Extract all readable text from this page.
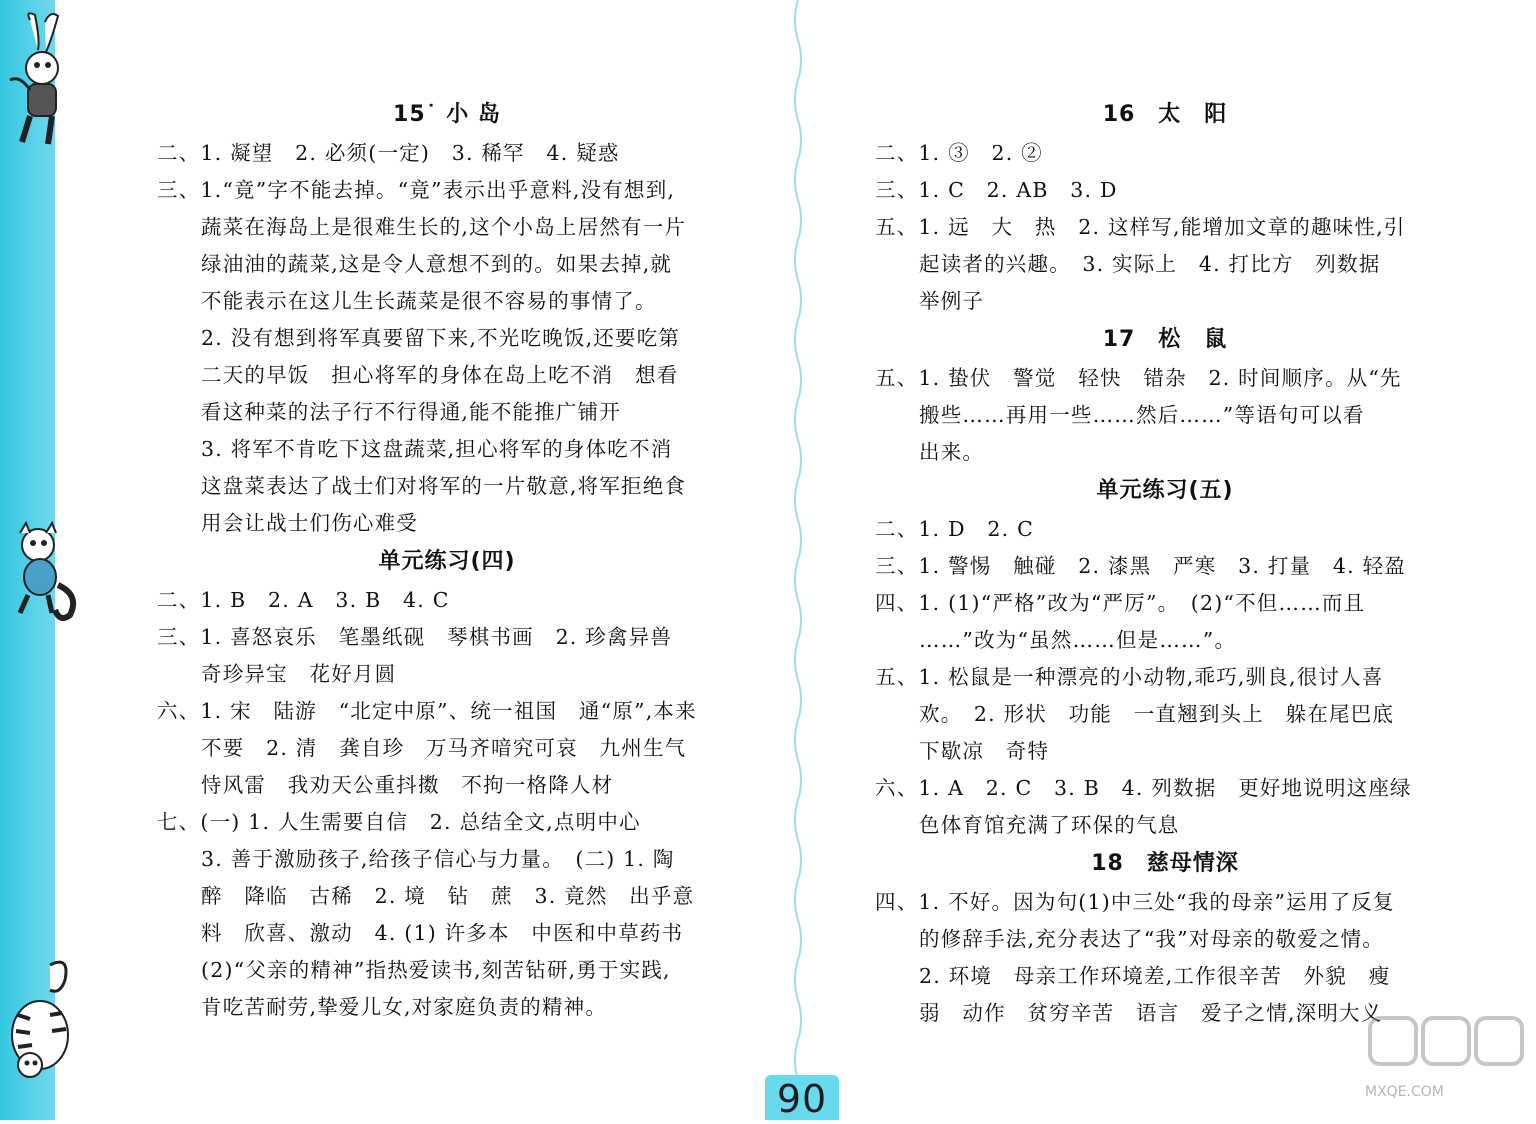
15˙ 小 岛
二、1. 凝望　2. 必须(一定)　3. 稀罕　4. 疑惑
三、1.“竟”字不能去掉。“竟”表示出乎意料,没有想到,
蔬菜在海岛上是很难生长的,这个小岛上居然有一片
绿油油的蔬菜,这是令人意想不到的。如果去掉,就
不能表示在这儿生长蔬菜是很不容易的事情了。
2. 没有想到将军真要留下来,不光吃晚饭,还要吃第
二天的早饭　担心将军的身体在岛上吃不消　想看
看这种菜的法子行不行得通,能不能推广铺开
3. 将军不肯吃下这盘蔬菜,担心将军的身体吃不消
这盘菜表达了战士们对将军的一片敬意,将军拒绝食
用会让战士们伤心难受
单元练习(四)
二、1. B　2. A　3. B　4. C
三、1. 喜怒哀乐　笔墨纸砚　琴棋书画　2. 珍禽异兽
奇珍异宝　花好月圆
六、1. 宋　陆游　“北定中原”、统一祖国　通“原”,本来
不要　2. 清　龚自珍　万马齐喑究可哀　九州生气
恃风雷　我劝天公重抖擞　不拘一格降人材
七、(一) 1. 人生需要自信　2. 总结全文,点明中心
3. 善于激励孩子,给孩子信心与力量。　(二) 1. 陶
醉　降临　古稀　2. 境　钻　蔗　3. 竟然　出乎意
料　欣喜、激动　4. (1) 许多本　中医和中草药书
(2)“父亲的精神”指热爱读书,刻苦钻研,勇于实践,
肯吃苦耐劳,挚爱儿女,对家庭负责的精神。
16　太　阳
二、1. ③　2. ②
三、1. C　2. AB　3. D
五、1. 远　大　热　2. 这样写,能增加文章的趣味性,引
起读者的兴趣。　3. 实际上　4. 打比方　列数据
举例子
17　松　鼠
五、1. 蛰伏　警觉　轻快　错杂　2. 时间顺序。从“先
搬些……再用一些……然后……”等语句可以看
出来。
单元练习(五)
二、1. D　2. C
三、1. 警惕　触碰　2. 漆黑　严寒　3. 打量　4. 轻盈
四、1. (1)“严格”改为“严厉”。　(2)“不但……而且
……”改为“虽然……但是……”。
五、1. 松鼠是一种漂亮的小动物,乖巧,驯良,很讨人喜
欢。　2. 形状　功能　一直翘到头上　躲在尾巴底
下歇凉　奇特
六、1. A　2. C　3. B　4. 列数据　更好地说明这座绿
色体育馆充满了环保的气息
18　慈母情深
四、1. 不好。因为句(1)中三处“我的母亲”运用了反复
的修辞手法,充分表达了“我”对母亲的敬爱之情。
2. 环境　母亲工作环境差,工作很辛苦　外貌　瘦
弱　动作　贫穷辛苦　语言　爱子之情,深明大义
90	MXQE.COM
